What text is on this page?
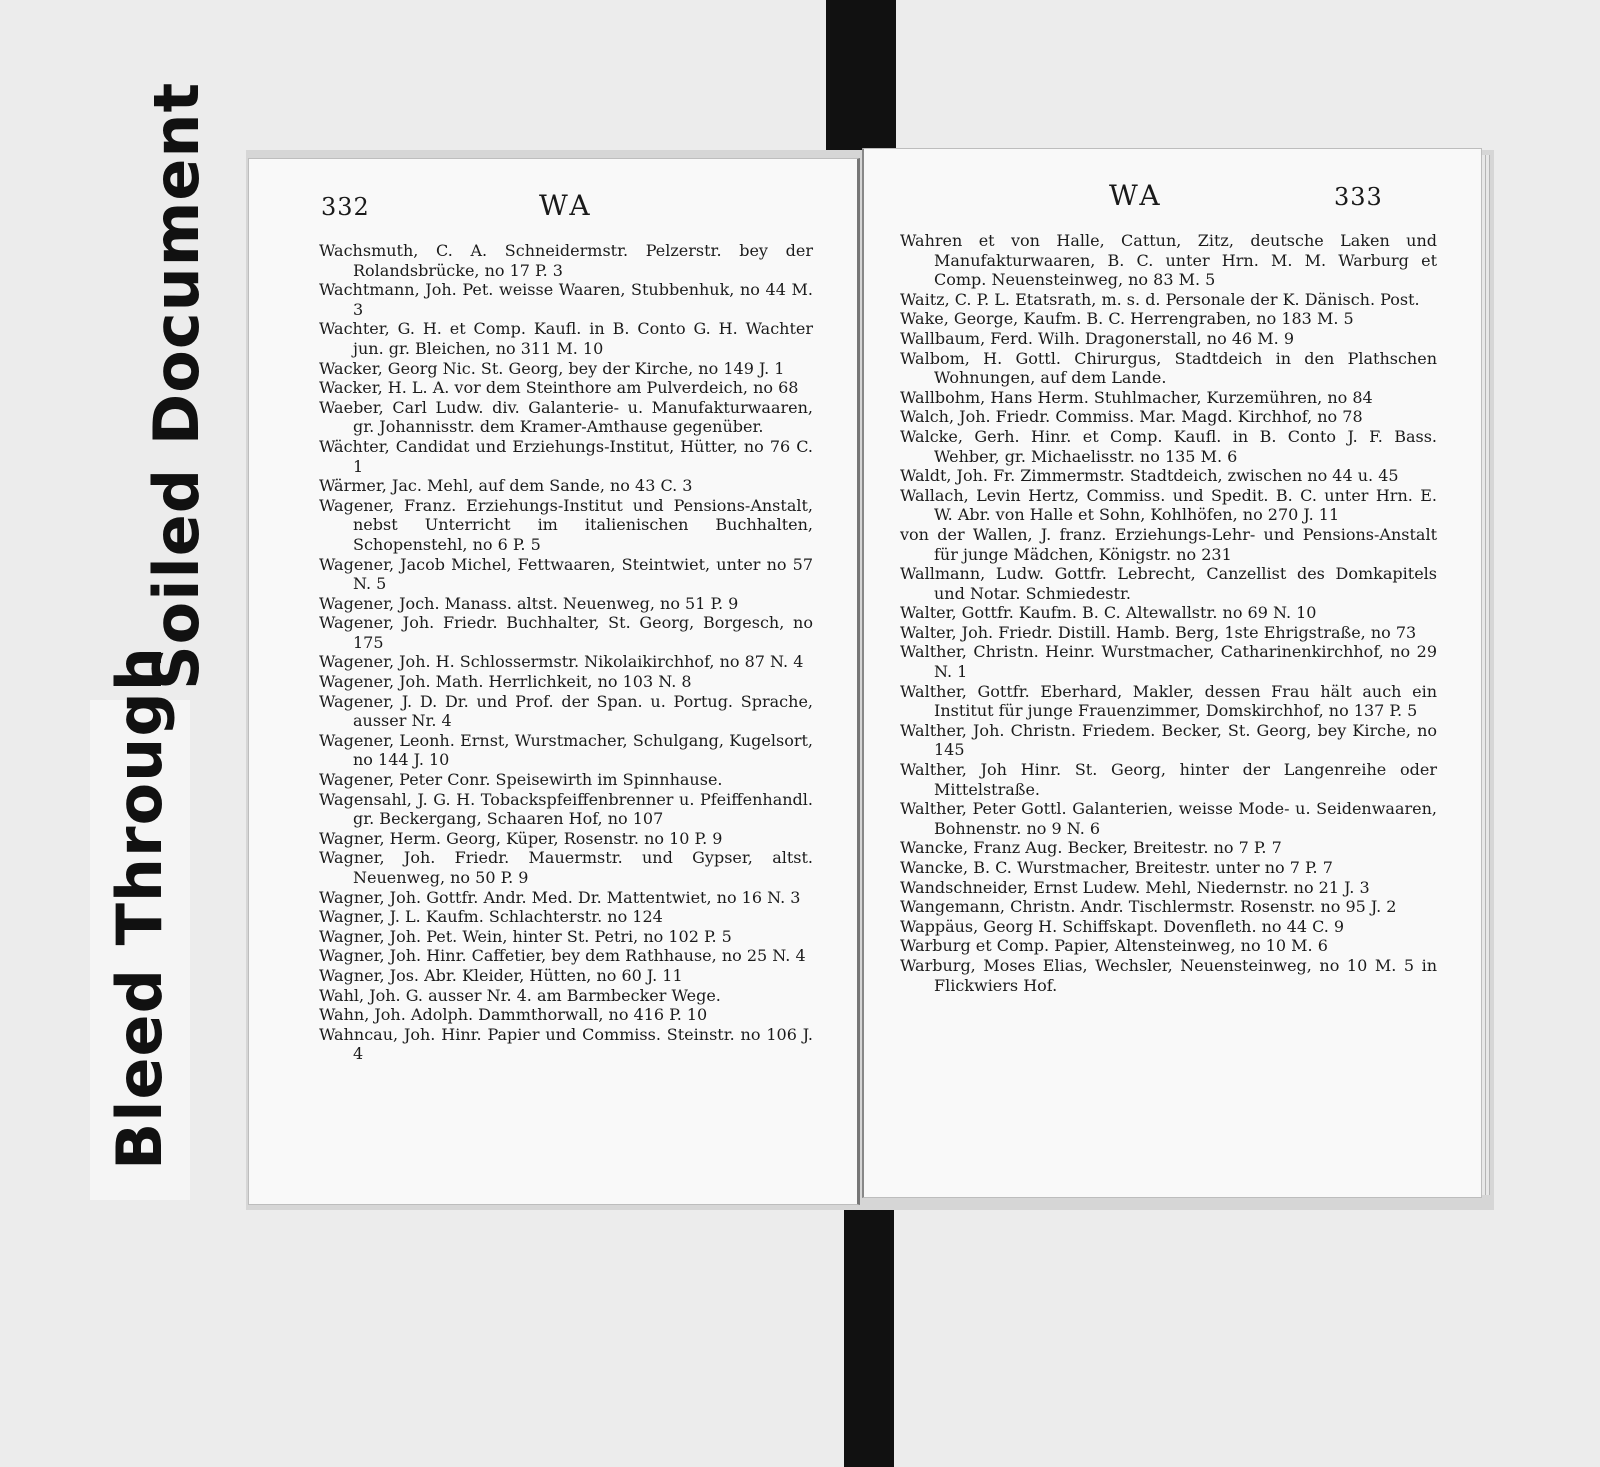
Soiled Document
Bleed Through
332	WA

Wachsmuth, C. A. Schneidermstr. Pelzerstr. bey der Rolandsbrücke, no 17 P. 3

Wachtmann, Joh. Pet. weisse Waaren, Stubbenhuk, no 44 M. 3

Wachter, G. H. et Comp. Kaufl. in B. Conto G. H. Wachter jun. gr. Bleichen, no 311 M. 10

Wacker, Georg Nic. St. Georg, bey der Kirche, no 149 J. 1

Wacker, H. L. A. vor dem Steinthore am Pulverdeich, no 68

Waeber, Carl Ludw. div. Galanterie- u. Manufakturwaaren, gr. Johannisstr. dem Kramer-Amthause gegenüber.

Wächter, Candidat und Erziehungs-Institut, Hütter, no 76 C. 1

Wärmer, Jac. Mehl, auf dem Sande, no 43 C. 3

Wagener, Franz. Erziehungs-Institut und Pensions-Anstalt, nebst Unterricht im italienischen Buchhalten, Schopenstehl, no 6 P. 5

Wagener, Jacob Michel, Fettwaaren, Steintwiet, unter no 57 N. 5

Wagener, Joch. Manass. altst. Neuenweg, no 51 P. 9

Wagener, Joh. Friedr. Buchhalter, St. Georg, Borgesch, no 175

Wagener, Joh. H. Schlossermstr. Nikolaikirchhof, no 87 N. 4

Wagener, Joh. Math. Herrlichkeit, no 103 N. 8

Wagener, J. D. Dr. und Prof. der Span. u. Portug. Sprache, ausser Nr. 4

Wagener, Leonh. Ernst, Wurstmacher, Schulgang, Kugelsort, no 144 J. 10

Wagener, Peter Conr. Speisewirth im Spinnhause.

Wagensahl, J. G. H. Tobackspfeiffenbrenner u. Pfeiffenhandl. gr. Beckergang, Schaaren Hof, no 107

Wagner, Herm. Georg, Küper, Rosenstr. no 10 P. 9

Wagner, Joh. Friedr. Mauermstr. und Gypser, altst. Neuenweg, no 50 P. 9

Wagner, Joh. Gottfr. Andr. Med. Dr. Mattentwiet, no 16 N. 3

Wagner, J. L. Kaufm. Schlachterstr. no 124

Wagner, Joh. Pet. Wein, hinter St. Petri, no 102 P. 5

Wagner, Joh. Hinr. Caffetier, bey dem Rathhause, no 25 N. 4

Wagner, Jos. Abr. Kleider, Hütten, no 60 J. 11

Wahl, Joh. G. ausser Nr. 4. am Barmbecker Wege.

Wahn, Joh. Adolph. Dammthorwall, no 416 P. 10

Wahncau, Joh. Hinr. Papier und Commiss. Steinstr. no 106 J. 4

WA	333

Wahren et von Halle, Cattun, Zitz, deutsche Laken und Manufakturwaaren, B. C. unter Hrn. M. M. Warburg et Comp. Neuensteinweg, no 83 M. 5

Waitz, C. P. L. Etatsrath, m. s. d. Personale der K. Dänisch. Post.

Wake, George, Kaufm. B. C. Herrengraben, no 183 M. 5

Wallbaum, Ferd. Wilh. Dragonerstall, no 46 M. 9

Walbom, H. Gottl. Chirurgus, Stadtdeich in den Plathschen Wohnungen, auf dem Lande.

Wallbohm, Hans Herm. Stuhlmacher, Kurzemühren, no 84

Walch, Joh. Friedr. Commiss. Mar. Magd. Kirchhof, no 78

Walcke, Gerh. Hinr. et Comp. Kaufl. in B. Conto J. F. Bass. Wehber, gr. Michaelisstr. no 135 M. 6

Waldt, Joh. Fr. Zimmermstr. Stadtdeich, zwischen no 44 u. 45

Wallach, Levin Hertz, Commiss. und Spedit. B. C. unter Hrn. E. W. Abr. von Halle et Sohn, Kohlhöfen, no 270 J. 11

von der Wallen, J. franz. Erziehungs-Lehr- und Pensions-Anstalt für junge Mädchen, Königstr. no 231

Wallmann, Ludw. Gottfr. Lebrecht, Canzellist des Domkapitels und Notar. Schmiedestr.

Walter, Gottfr. Kaufm. B. C. Altewallstr. no 69 N. 10

Walter, Joh. Friedr. Distill. Hamb. Berg, 1ste Ehrigstraße, no 73

Walther, Christn. Heinr. Wurstmacher, Catharinenkirchhof, no 29 N. 1

Walther, Gottfr. Eberhard, Makler, dessen Frau hält auch ein Institut für junge Frauenzimmer, Domskirchhof, no 137 P. 5

Walther, Joh. Christn. Friedem. Becker, St. Georg, bey Kirche, no 145

Walther, Joh Hinr. St. Georg, hinter der Langenreihe oder Mittelstraße.

Walther, Peter Gottl. Galanterien, weisse Mode- u. Seidenwaaren, Bohnenstr. no 9 N. 6

Wancke, Franz Aug. Becker, Breitestr. no 7 P. 7

Wancke, B. C. Wurstmacher, Breitestr. unter no 7 P. 7

Wandschneider, Ernst Ludew. Mehl, Niedernstr. no 21 J. 3

Wangemann, Christn. Andr. Tischlermstr. Rosenstr. no 95 J. 2

Wappäus, Georg H. Schiffskapt. Dovenfleth. no 44 C. 9

Warburg et Comp. Papier, Altensteinweg, no 10 M. 6

Warburg, Moses Elias, Wechsler, Neuensteinweg, no 10 M. 5 in Flickwiers Hof.
